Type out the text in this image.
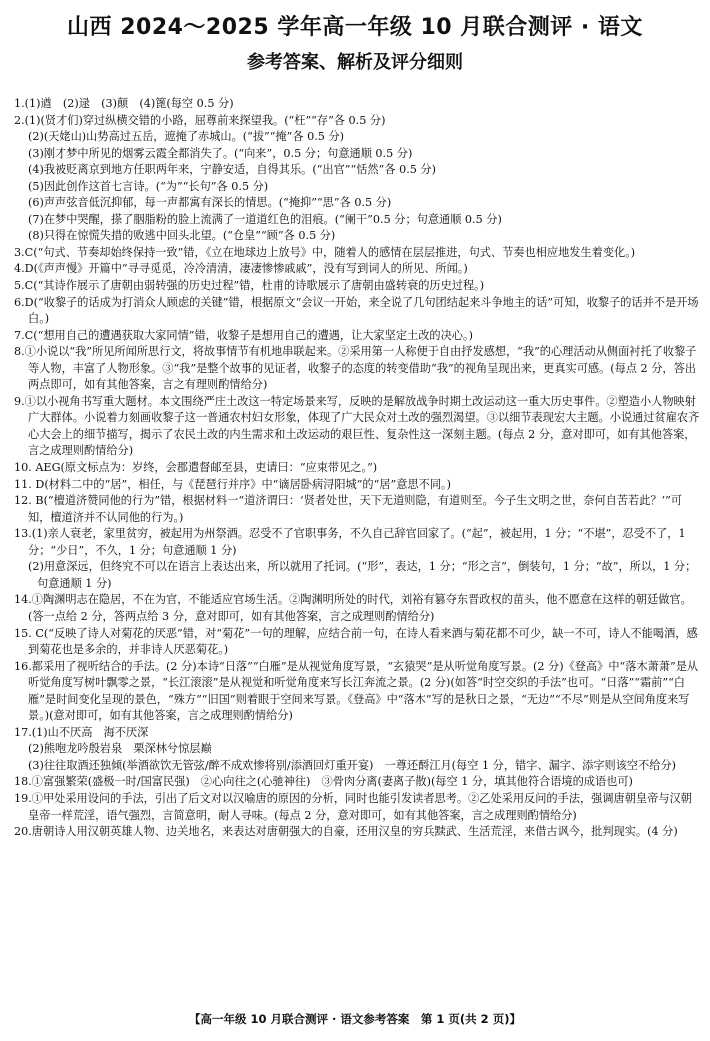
山西 2024～2025 学年高一年级 10 月联合测评 · 语文
参考答案、解析及评分细则

1.(1)遒　(2)逯　(3)颠　(4)篦(每空 0.5 分)

2.(1)(贤才们)穿过纵横交错的小路，屈尊前来探望我。(“枉”“存”各 0.5 分)

(2)(天姥山)山势高过五岳，遮掩了赤城山。(“拔”“掩”各 0.5 分)

(3)刚才梦中所见的烟雾云霞全都消失了。(“向来”，0.5 分；句意通顺 0.5 分)

(4)我被贬离京到地方任职两年来，宁静安适，自得其乐。(“出官”“恬然”各 0.5 分)

(5)因此创作这首七言诗。(“为”“长句”各 0.5 分)

(6)声声弦音低沉抑郁，每一声都寓有深长的情思。(“掩抑”“思”各 0.5 分)

(7)在梦中哭醒，搽了胭脂粉的脸上流满了一道道红色的泪痕。(“阑干”0.5 分；句意通顺 0.5 分)

(8)只得在惊慌失措的败逃中回头北望。(“仓皇”“顾”各 0.5 分)

3.C(“句式、节奏却始终保持一致”错，《立在地球边上放号》中，随着人的感情在层层推进，句式、节奏也相应地发生着变化。)

4.D(《声声慢》开篇中“寻寻觅觅，冷冷清清，凄凄惨惨戚戚”，没有写到词人的所见、所闻。)

5.C(“其诗作展示了唐朝由弱转强的历史过程”错，杜甫的诗歌展示了唐朝由盛转衰的历史过程。)

6.D(“收黎子的话成为打消众人顾虑的关键”错，根据原文“会议一开始，来全说了几句团结起来斗争地主的话”可知，收黎子的话并不是开场白。)

7.C(“想用自己的遭遇获取大家同情”错，收黎子是想用自己的遭遇，让大家坚定土改的决心。)

8.①小说以“我”所见所闻所思行文，将故事情节有机地串联起来。②采用第一人称便于自由抒发感想，“我”的心理活动从侧面衬托了收黎子等人物，丰富了人物形象。③“我”是整个故事的见证者，收黎子的态度的转变借助“我”的视角呈现出来，更真实可感。(每点 2 分，答出两点即可，如有其他答案，言之有理则酌情给分)

9.①以小视角书写重大题材。本文围绕严庄土改这一特定场景来写，反映的是解放战争时期土改运动这一重大历史事件。②塑造小人物映射广大群体。小说着力刻画收黎子这一普通农村妇女形象，体现了广大民众对土改的强烈渴望。③以细节表现宏大主题。小说通过贫雇农齐心大会上的细节描写，揭示了农民土改的内生需求和土改运动的艰巨性、复杂性这一深刻主题。(每点 2 分，意对即可，如有其他答案，言之成理则酌情给分)

10. AEG(原文标点为：岁终，会郡遣督邮至县，吏请曰：“应束带见之。”)

11. D(材料二中的“居”，相任，与《琵琶行并序》中“谪居卧病浔阳城”的“居”意思不同。)

12. B(“檀道济赞同他的行为”错，根据材料一“道济谓曰：‘贤者处世，天下无道则隐，有道则至。今子生文明之世，奈何自苦若此？’”可知，檀道济并不认同他的行为。)

13.(1)亲人衰老，家里贫穷，被起用为州祭酒。忍受不了官职事务，不久自己辞官回家了。(“起”，被起用，1 分；“不堪”，忍受不了，1 分；“少日”，不久，1 分；句意通顺 1 分)

(2)用意深远，但终究不可以在语言上表达出来，所以就用了托词。(“形”，表达，1 分；“形之言”，倒装句，1 分；“故”，所以，1 分；句意通顺 1 分)

14.①陶渊明志在隐居，不在为官，不能适应官场生活。②陶渊明所处的时代，刘裕有篡夺东晋政权的苗头，他不愿意在这样的朝廷做官。(答一点给 2 分，答两点给 3 分，意对即可，如有其他答案，言之成理则酌情给分)

15. C(“反映了诗人对菊花的厌恶”错，对“菊花”一句的理解，应结合前一句，在诗人看来酒与菊花都不可少，缺一不可，诗人不能喝酒，感到菊花也是多余的，并非诗人厌恶菊花。)

16.都采用了视听结合的手法。(2 分)本诗“日落”“白雁”是从视觉角度写景，“玄猿哭”是从听觉角度写景。(2 分)《登高》中“落木萧萧”是从听觉角度写树叶飘零之景，“长江滚滚”是从视觉和听觉角度来写长江奔流之景。(2 分)(如答“时空交织的手法”也可。“日落”“霜前”“白雁”是时间变化呈现的景色，“殊方”“旧国”则着眼于空间来写景。《登高》中“落木”写的是秋日之景，“无边”“不尽”则是从空间角度来写景。)(意对即可，如有其他答案，言之成理则酌情给分)

17.(1)山不厌高　海不厌深

(2)熊咆龙吟殷岩泉　栗深林兮惊层巅

(3)往往取酒还独倾(举酒欲饮无管弦/醉不成欢惨将别/添酒回灯重开宴)　一尊还酹江月(每空 1 分，错字、漏字、添字则该空不给分)

18.①富强繁荣(盛极一时/国富民强)　②心向往之(心驰神往)　③骨肉分离(妻离子散)(每空 1 分，填其他符合语境的成语也可)

19.①甲处采用设问的手法，引出了后文对以汉喻唐的原因的分析，同时也能引发读者思考。②乙处采用反问的手法，强调唐朝皇帝与汉朝皇帝一样荒淫，语气强烈，言简意明，耐人寻味。(每点 2 分，意对即可，如有其他答案，言之成理则酌情给分)

20.唐朝诗人用汉朝英雄人物、边关地名，来表达对唐朝强大的自豪，还用汉皇的穷兵黩武、生活荒淫，来借古讽今，批判现实。(4 分)

【高一年级 10 月联合测评 · 语文参考答案　第 1 页(共 2 页)】
